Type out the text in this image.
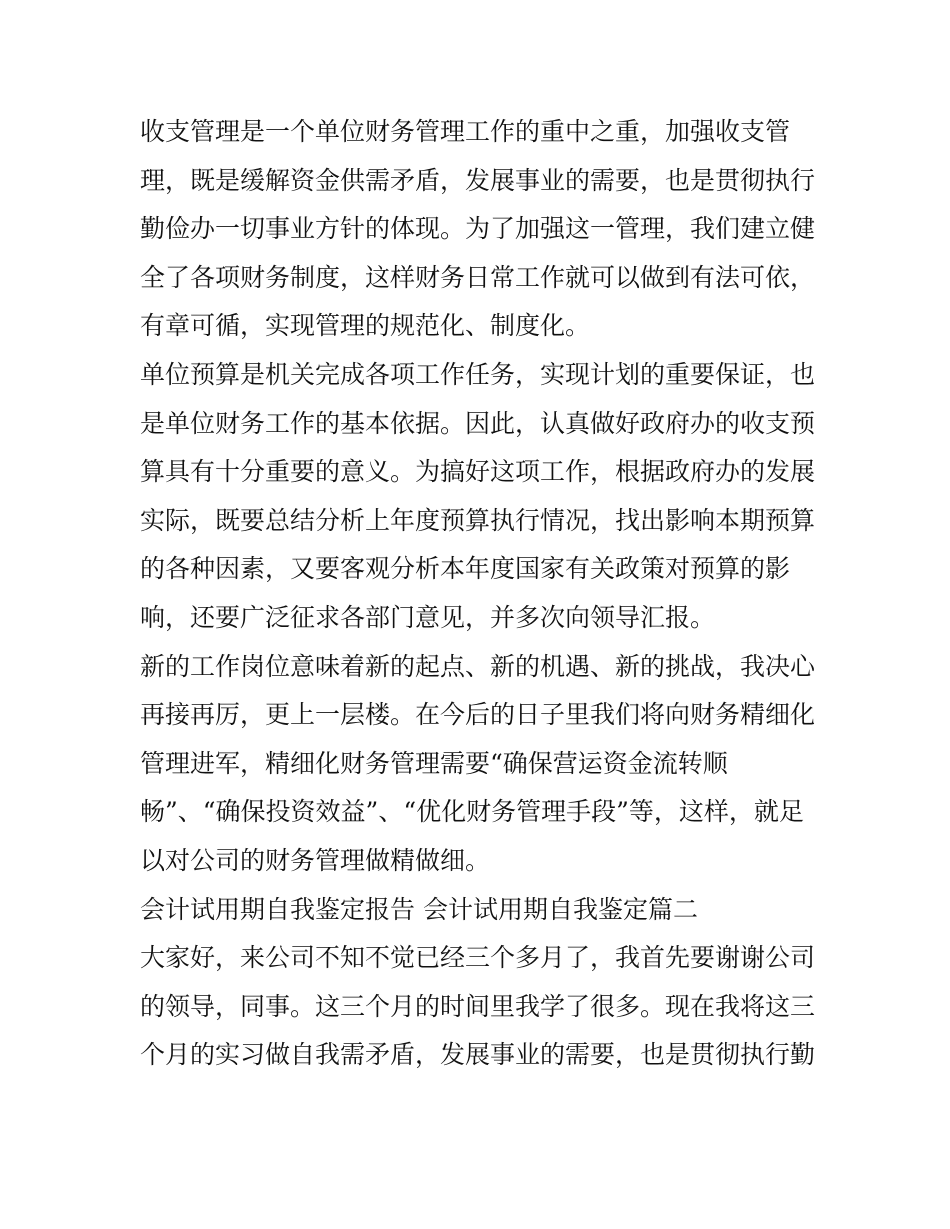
收支管理是一个单位财务管理工作的重中之重，加强收支管
理，既是缓解资金供需矛盾，发展事业的需要，也是贯彻执行
勤俭办一切事业方针的体现。为了加强这一管理，我们建立健
全了各项财务制度，这样财务日常工作就可以做到有法可依，
有章可循，实现管理的规范化、制度化。
单位预算是机关完成各项工作任务，实现计划的重要保证，也
是单位财务工作的基本依据。因此，认真做好政府办的收支预
算具有十分重要的意义。为搞好这项工作，根据政府办的发展
实际，既要总结分析上年度预算执行情况，找出影响本期预算
的各种因素，又要客观分析本年度国家有关政策对预算的影
响，还要广泛征求各部门意见，并多次向领导汇报。
新的工作岗位意味着新的起点、新的机遇、新的挑战，我决心
再接再厉，更上一层楼。在今后的日子里我们将向财务精细化
管理进军，精细化财务管理需要“确保营运资金流转顺
畅”、“确保投资效益”、“优化财务管理手段”等，这样，就足
以对公司的财务管理做精做细。
会计试用期自我鉴定报告 会计试用期自我鉴定篇二
大家好，来公司不知不觉已经三个多月了，我首先要谢谢公司
的领导，同事。这三个月的时间里我学了很多。现在我将这三
个月的实习做自我需矛盾，发展事业的需要，也是贯彻执行勤
